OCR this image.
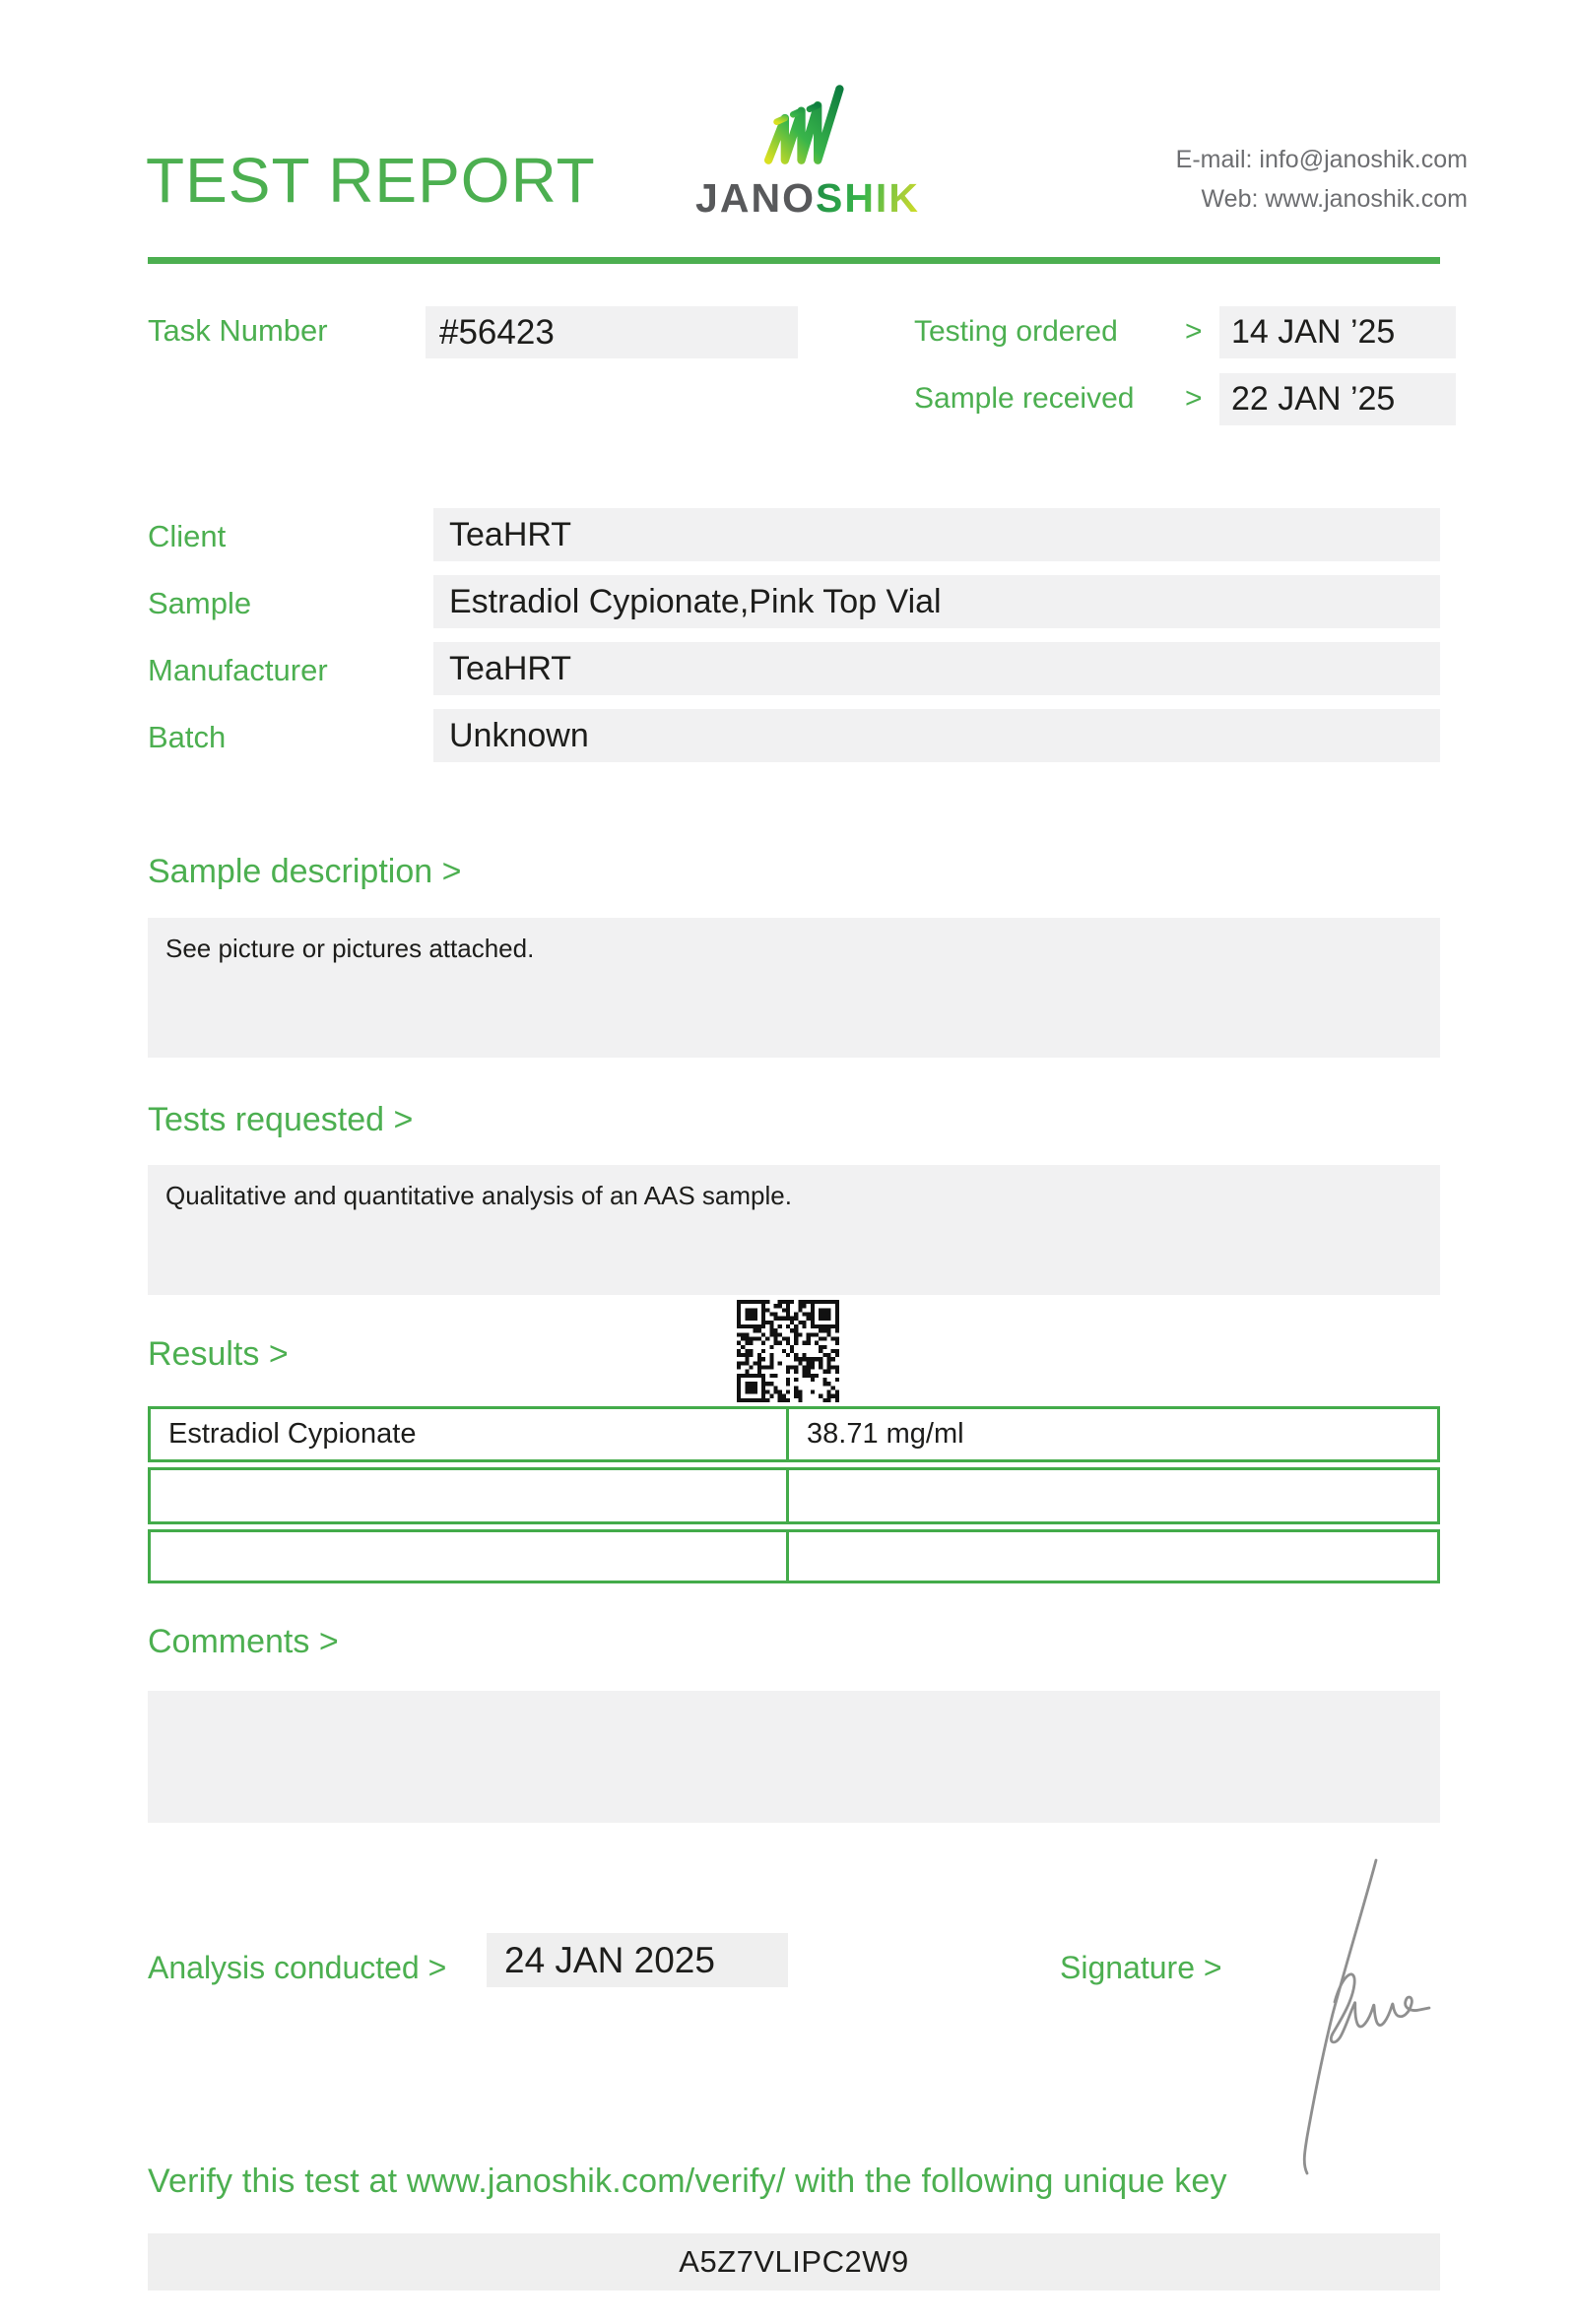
TEST REPORT JANOSHIK
E-mail: info@janoshik.com
Web: www.janoshik.com
Task Number	#56423	Testing ordered > 14 JAN ’25
Sample received > 22 JAN ’25
Client	TeaHRT
Sample	Estradiol Cypionate,Pink Top Vial
Manufacturer	TeaHRT
Batch	Unknown
Sample description >

See picture or pictures attached.

Tests requested >

Qualitative and quantitative analysis of an AAS sample.

Results >
Estradiol Cypionate	38.71 mg/ml
Comments >

Analysis conducted >	24 JAN 2025	Signature >
Verify this test at www.janoshik.com/verify/ with the following unique key
A5Z7VLIPC2W9
